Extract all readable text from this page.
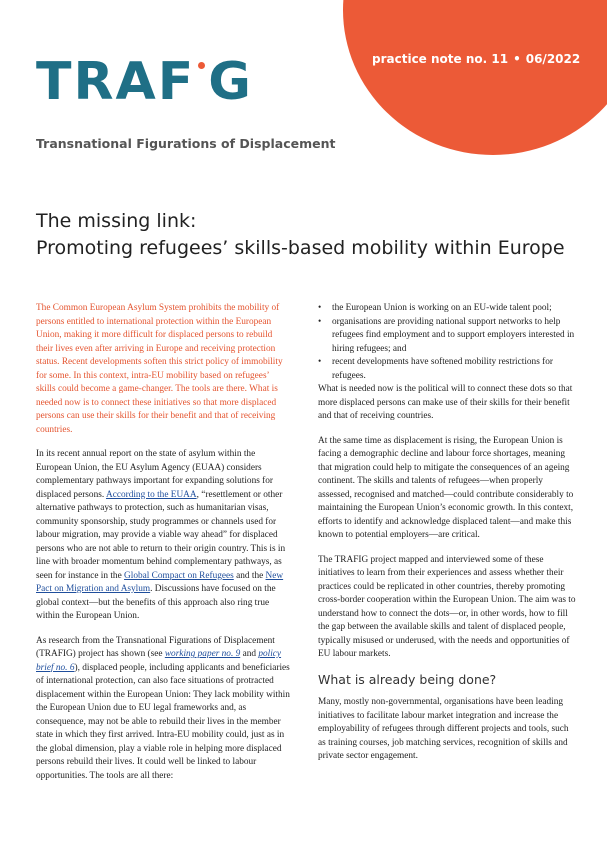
practice note no. 11 • 06/2022
TRAF G
Transnational Figurations of Displacement
The missing link:
Promoting refugees’ skills-based mobility within Europe

The Common European Asylum System prohibits the mobility of persons entitled to international protection within the European Union, making it more difficult for displaced persons to rebuild their lives even after arriving in Europe and receiving protection status. Recent developments soften this strict policy of immobility for some. In this context, intra-EU mobility based on refugees’ skills could become a game-changer. The tools are there. What is needed now is to connect these initiatives so that more displaced persons can use their skills for their benefit and that of receiving countries.

In its recent annual report on the state of asylum within the European Union, the EU Asylum Agency (EUAA) considers complementary pathways important for expanding solutions for displaced persons. According to the EUAA, “resettlement or other alternative pathways to protection, such as humanitarian visas, community sponsorship, study programmes or channels used for labour migration, may provide a viable way ahead” for displaced persons who are not able to return to their origin country. This is in line with broader momentum behind complementary pathways, as seen for instance in the Global Compact on Refugees and the New Pact on Migration and Asylum. Discussions have focused on the global context—but the benefits of this approach also ring true within the European Union.

As research from the Transnational Figurations of Displacement (TRAFIG) project has shown (see working paper no. 9 and policy brief no. 6), displaced people, including applicants and beneficiaries of international protection, can also face situations of protracted displacement within the European Union: They lack mobility within the European Union due to EU legal frameworks and, as consequence, may not be able to rebuild their lives in the member state in which they first arrived. Intra-EU mobility could, just as in the global dimension, play a viable role in helping more displaced persons rebuild their lives. It could well be linked to labour opportunities. The tools are all there:

• the European Union is working on an EU-wide talent pool;
• organisations are providing national support networks to help refugees find employment and to support employers interested in hiring refugees; and
• recent developments have softened mobility restrictions for refugees.

What is needed now is the political will to connect these dots so that more displaced persons can make use of their skills for their benefit and that of receiving countries.

At the same time as displacement is rising, the European Union is facing a demographic decline and labour force shortages, meaning that migration could help to mitigate the consequences of an ageing continent. The skills and talents of refugees—when properly assessed, recognised and matched—could contribute considerably to maintaining the European Union’s economic growth. In this context, efforts to identify and acknowledge displaced talent—and make this known to potential employers—are critical.

The TRAFIG project mapped and interviewed some of these initiatives to learn from their experiences and assess whether their practices could be replicated in other countries, thereby promoting cross-border cooperation within the European Union. The aim was to understand how to connect the dots—or, in other words, how to fill the gap between the available skills and talent of displaced people, typically misused or underused, with the needs and opportunities of EU labour markets.

What is already being done?

Many, mostly non-governmental, organisations have been leading initiatives to facilitate labour market integration and increase the employability of refugees through different projects and tools, such as training courses, job matching services, recognition of skills and private sector engagement.
